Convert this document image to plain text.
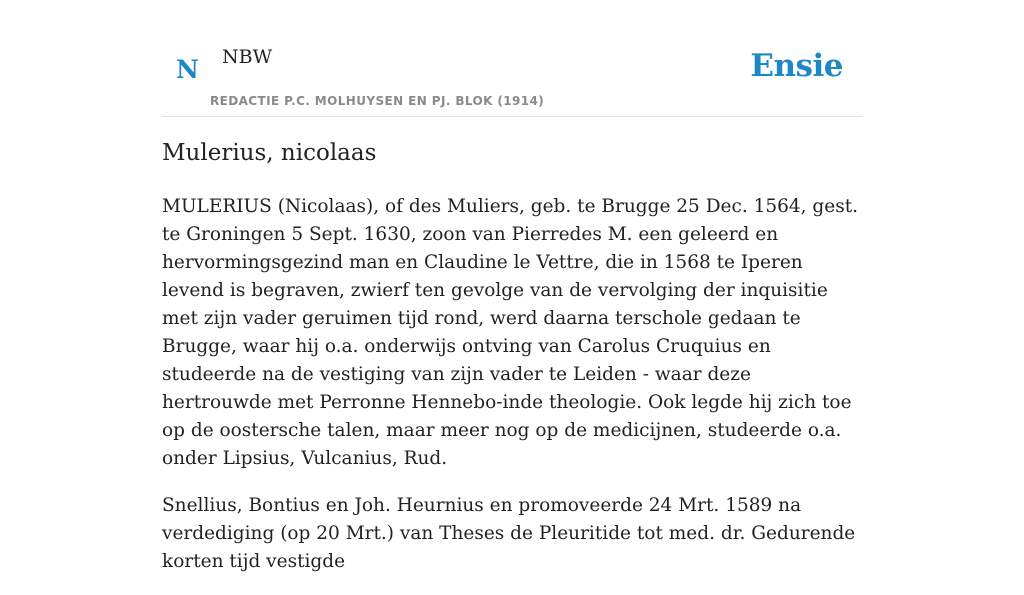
N NBW
REDACTIE P.C. MOLHUYSEN EN PJ. BLOK (1914)
Ensie
Mulerius, nicolaas

MULERIUS (Nicolaas), of des Muliers, geb. te Brugge 25 Dec. 1564, gest. te Groningen 5 Sept. 1630, zoon van Pierredes M. een geleerd en hervormingsgezind man en Claudine le Vettre, die in 1568 te Iperen levend is begraven, zwierf ten gevolge van de vervolging der inquisitie met zijn vader geruimen tijd rond, werd daarna terschole gedaan te Brugge, waar hij o.a. onderwijs ontving van Carolus Cruquius en studeerde na de vestiging van zijn vader te Leiden - waar deze hertrouwde met Perronne Hennebo-inde theologie. Ook legde hij zich toe op de oostersche talen, maar meer nog op de medicijnen, studeerde o.a. onder Lipsius, Vulcanius, Rud.

Snellius, Bontius en Joh. Heurnius en promoveerde 24 Mrt. 1589 na verdediging (op 20 Mrt.) van Theses de Pleuritide tot med. dr. Gedurende korten tijd vestigde
